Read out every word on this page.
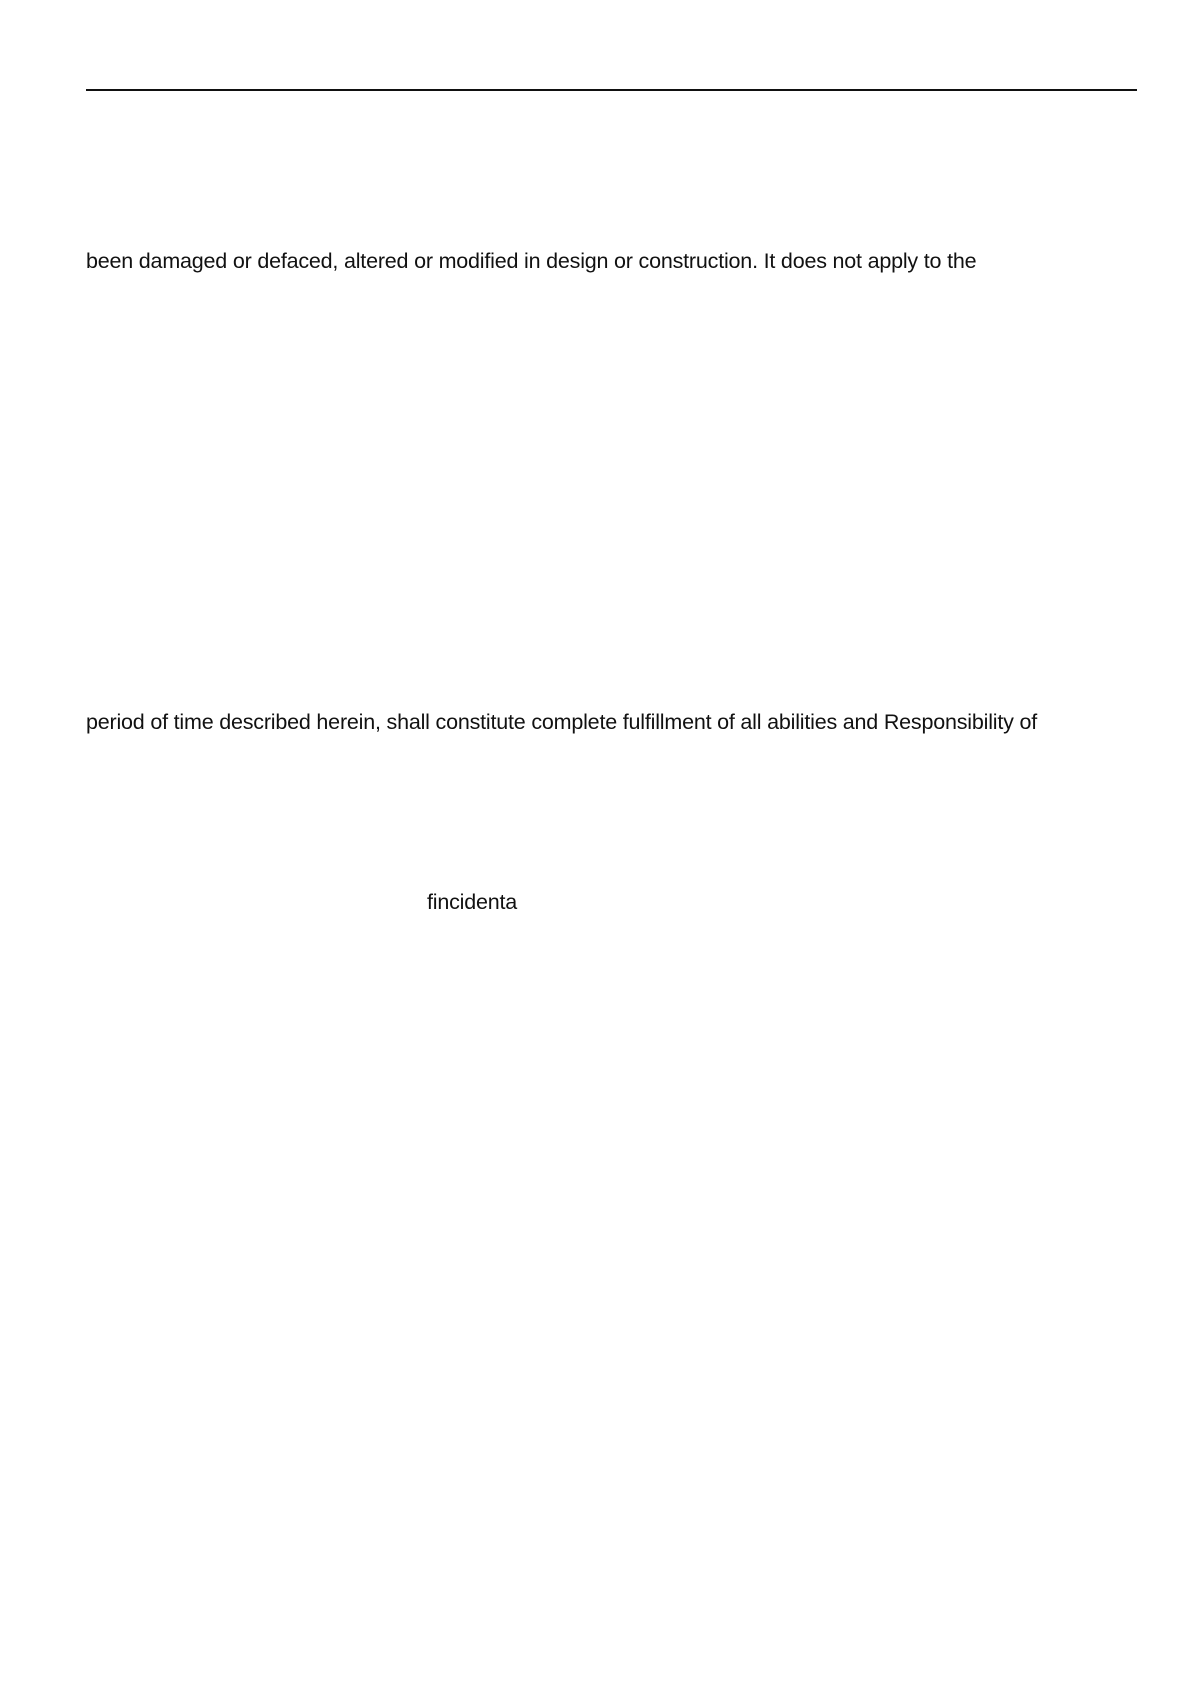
been damaged or defaced, altered or modified in design or construction. It does not apply to the
period of time described herein, shall constitute complete fulfillment of all abilities and Responsibility of
fincidenta
